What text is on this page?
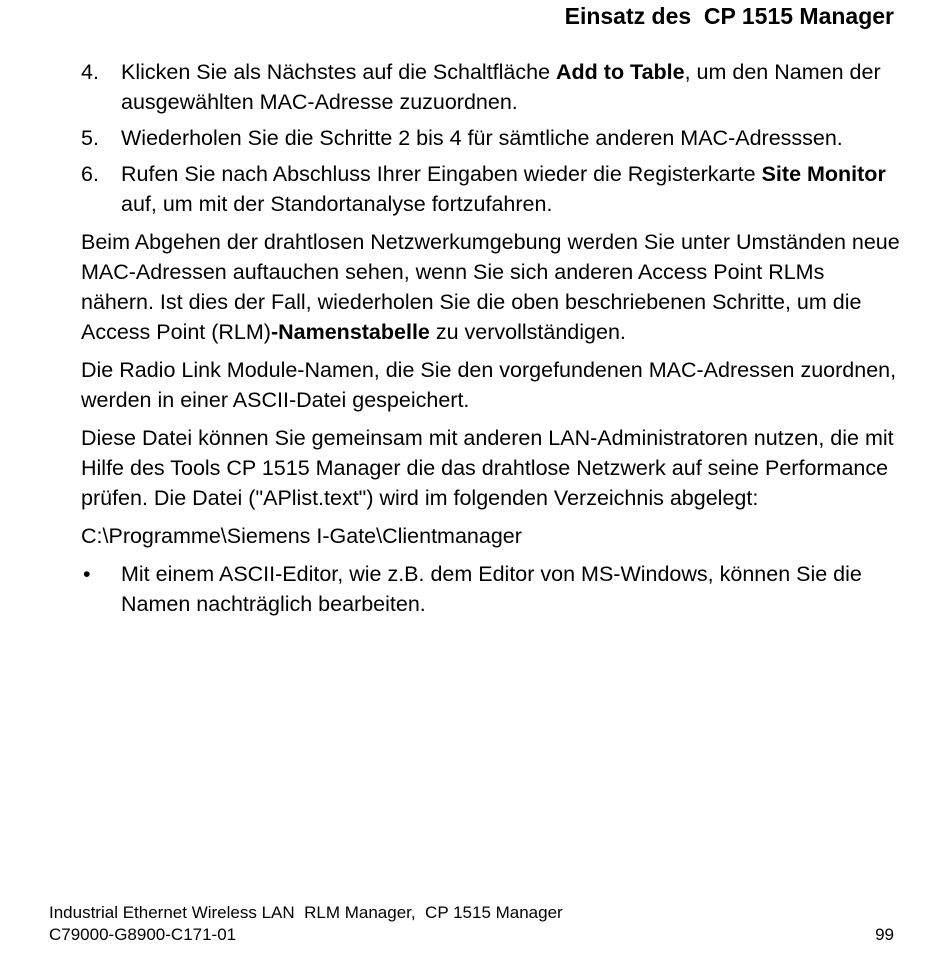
Einsatz des  CP 1515 Manager
4. Klicken Sie als Nächstes auf die Schaltfläche Add to Table, um den Namen der ausgewählten MAC-Adresse zuzuordnen.
5. Wiederholen Sie die Schritte 2 bis 4 für sämtliche anderen MAC-Adresssen.
6. Rufen Sie nach Abschluss Ihrer Eingaben wieder die Registerkarte Site Monitor auf, um mit der Standortanalyse fortzufahren.

Beim Abgehen der drahtlosen Netzwerkumgebung werden Sie unter Umständen neue MAC-Adressen auftauchen sehen, wenn Sie sich anderen Access Point RLMs nähern. Ist dies der Fall, wiederholen Sie die oben beschriebenen Schritte, um die Access Point (RLM)-Namenstabelle zu vervollständigen.

Die Radio Link Module-Namen, die Sie den vorgefundenen MAC-Adressen zuordnen, werden in einer ASCII-Datei gespeichert.

Diese Datei können Sie gemeinsam mit anderen LAN-Administratoren nutzen, die mit Hilfe des Tools CP 1515 Manager die das drahtlose Netzwerk auf seine Performance prüfen. Die Datei ("APlist.text") wird im folgenden Verzeichnis abgelegt:

C:\Programme\Siemens I-Gate\Clientmanager
• Mit einem ASCII-Editor, wie z.B. dem Editor von MS-Windows, können Sie die Namen nachträglich bearbeiten.
Industrial Ethernet Wireless LAN  RLM Manager,  CP 1515 Manager
C79000-G8900-C171-01	99
